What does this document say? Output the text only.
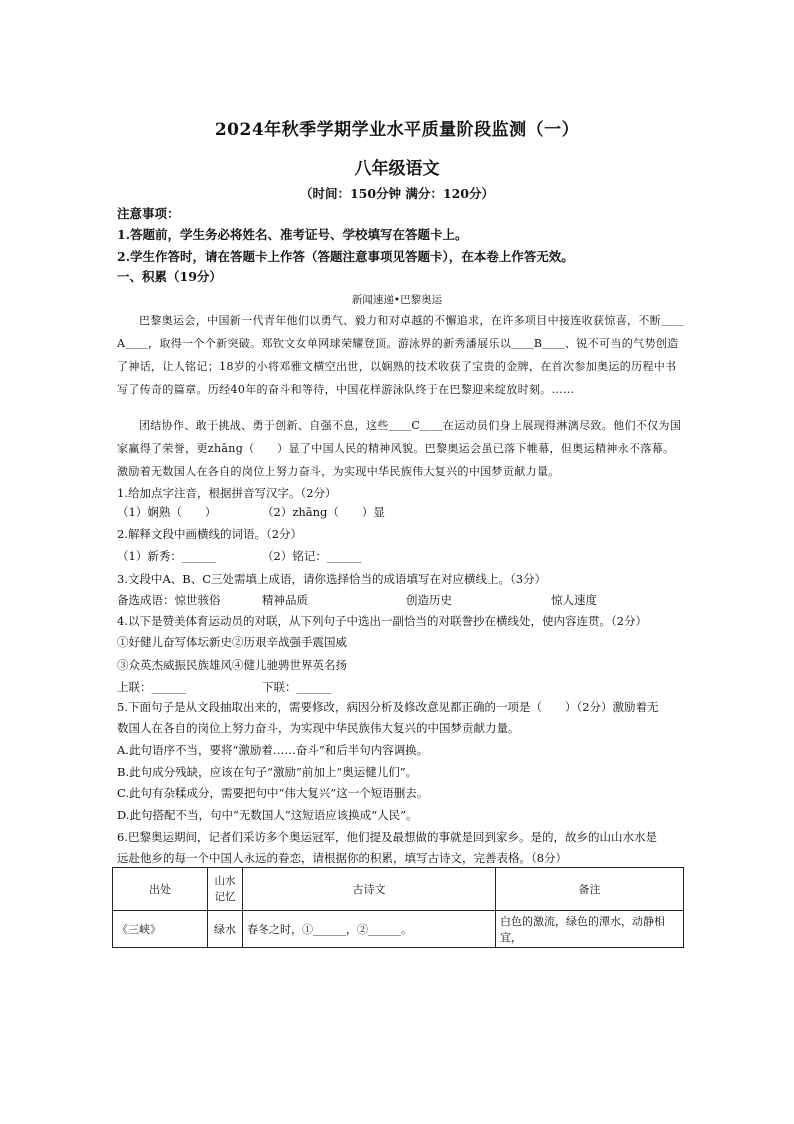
2024年秋季学期学业水平质量阶段监测（一）
八年级语文
（时间：150分钟 满分：120分）
注意事项：
1.答题前，学生务必将姓名、准考证号、学校填写在答题卡上。
2.学生作答时，请在答题卡上作答（答题注意事项见答题卡），在本卷上作答无效。
一、积累（19分）
新闻速递•巴黎奥运
巴黎奥运会，中国新一代青年他们以勇气、毅力和对卓越的不懈追求，在许多项目中接连收获惊喜，不断＿＿A＿＿，取得一个个新突破。郑钦文女单网球荣耀登顶。游泳界的新秀潘展乐以＿＿B＿＿、锐不可当的气势创造了神话，让人铭记；18岁的小将邓雅文横空出世，以娴熟的技术收获了宝贵的金牌，在首次参加奥运的历程中书写了传奇的篇章。历经40年的奋斗和等待，中国花样游泳队终于在巴黎迎来绽放时刻。……
团结协作、敢于挑战、勇于创新、自强不息，这些＿＿C＿＿在运动员们身上展现得淋漓尽致。他们不仅为国家赢得了荣誉，更zhāng（　　）显了中国人民的精神风貌。巴黎奥运会虽已落下帷幕，但奥运精神永不落幕。激励着无数国人在各自的岗位上努力奋斗，为实现中华民族伟大复兴的中国梦贡献力量。
1.给加点字注音，根据拼音写汉字。（2分）
（1）娴熟（　　）	（2）zhāng（　　）显
2.解释文段中画横线的词语。（2分）
（1）新秀：______	（2）铭记：______
3.文段中A、B、C三处需填上成语，请你选择恰当的成语填写在对应横线上。（3分）
备选成语：惊世骇俗	精神品质	创造历史	惊人速度
4.以下是赞美体育运动员的对联，从下列句子中选出一副恰当的对联誊抄在横线处，使内容连贯。（2分）
①好健儿奋写体坛新史②历艰辛战强手震国威
③众英杰威振民族雄风④健儿驰骋世界英名扬
上联：______	下联：______
5.下面句子是从文段抽取出来的，需要修改，病因分析及修改意见都正确的一项是（　　）（2分）激励着无
数国人在各自的岗位上努力奋斗，为实现中华民族伟大复兴的中国梦贡献力量。
A.此句语序不当，要将“激励着……奋斗”和后半句内容调换。
B.此句成分残缺，应该在句子“激励”前加上“奥运健儿们”。
C.此句有杂糅成分，需要把句中“伟大复兴”这一个短语删去。
D.此句搭配不当，句中“无数国人”这短语应该换成“人民”。
6.巴黎奥运期间，记者们采访多个奥运冠军，他们提及最想做的事就是回到家乡。是的，故乡的山山水水是
远赴他乡的每一个中国人永远的眷恋，请根据你的积累，填写古诗文，完善表格。（8分）
出处	山水记忆	古诗文	备注
《三峡》	绿水	春冬之时，①______，②______。	白色的激流，绿色的潭水，动静相宜，
